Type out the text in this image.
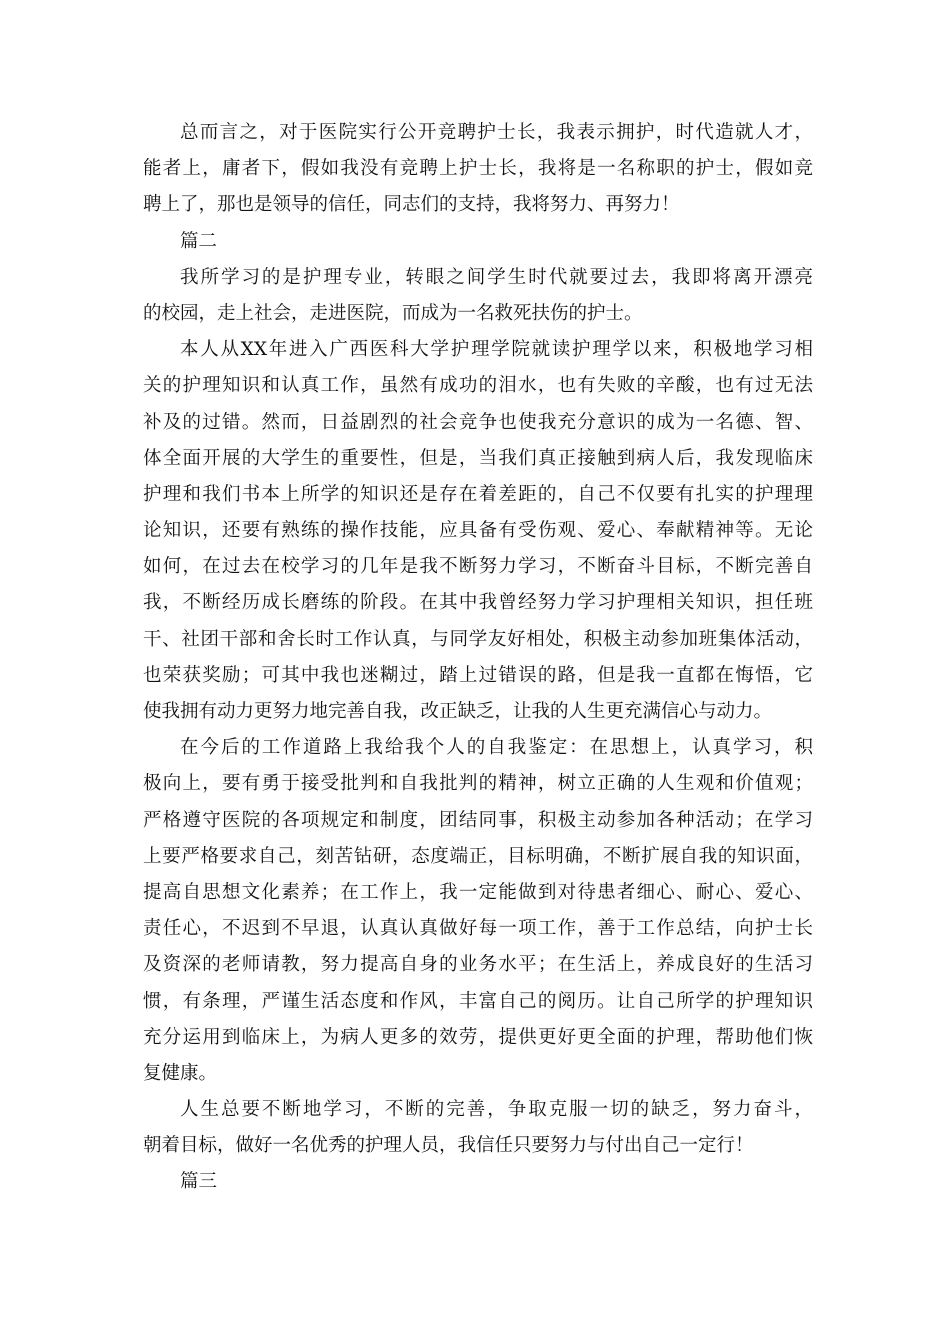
总而言之，对于医院实行公开竞聘护士长，我表示拥护，时代造就人才，
能者上，庸者下，假如我没有竞聘上护士长，我将是一名称职的护士，假如竞
聘上了，那也是领导的信任，同志们的支持，我将努力、再努力！
篇二
我所学习的是护理专业，转眼之间学生时代就要过去，我即将离开漂亮
的校园，走上社会，走进医院，而成为一名救死扶伤的护士。
本人从XX年进入广西医科大学护理学院就读护理学以来，积极地学习相
关的护理知识和认真工作，虽然有成功的泪水，也有失败的辛酸，也有过无法
补及的过错。然而，日益剧烈的社会竞争也使我充分意识的成为一名德、智、
体全面开展的大学生的重要性，但是，当我们真正接触到病人后，我发现临床
护理和我们书本上所学的知识还是存在着差距的，自己不仅要有扎实的护理理
论知识，还要有熟练的操作技能，应具备有受伤观、爱心、奉献精神等。无论
如何，在过去在校学习的几年是我不断努力学习，不断奋斗目标，不断完善自
我，不断经历成长磨练的阶段。在其中我曾经努力学习护理相关知识，担任班
干、社团干部和舍长时工作认真，与同学友好相处，积极主动参加班集体活动，
也荣获奖励；可其中我也迷糊过，踏上过错误的路，但是我一直都在悔悟，它
使我拥有动力更努力地完善自我，改正缺乏，让我的人生更充满信心与动力。
在今后的工作道路上我给我个人的自我鉴定：在思想上，认真学习，积
极向上，要有勇于接受批判和自我批判的精神，树立正确的人生观和价值观；
严格遵守医院的各项规定和制度，团结同事，积极主动参加各种活动；在学习
上要严格要求自己，刻苦钻研，态度端正，目标明确，不断扩展自我的知识面，
提高自思想文化素养；在工作上，我一定能做到对待患者细心、耐心、爱心、
责任心，不迟到不早退，认真认真做好每一项工作，善于工作总结，向护士长
及资深的老师请教，努力提高自身的业务水平；在生活上，养成良好的生活习
惯，有条理，严谨生活态度和作风，丰富自己的阅历。让自己所学的护理知识
充分运用到临床上，为病人更多的效劳，提供更好更全面的护理，帮助他们恢
复健康。
人生总要不断地学习，不断的完善，争取克服一切的缺乏，努力奋斗，
朝着目标，做好一名优秀的护理人员，我信任只要努力与付出自己一定行！
篇三
